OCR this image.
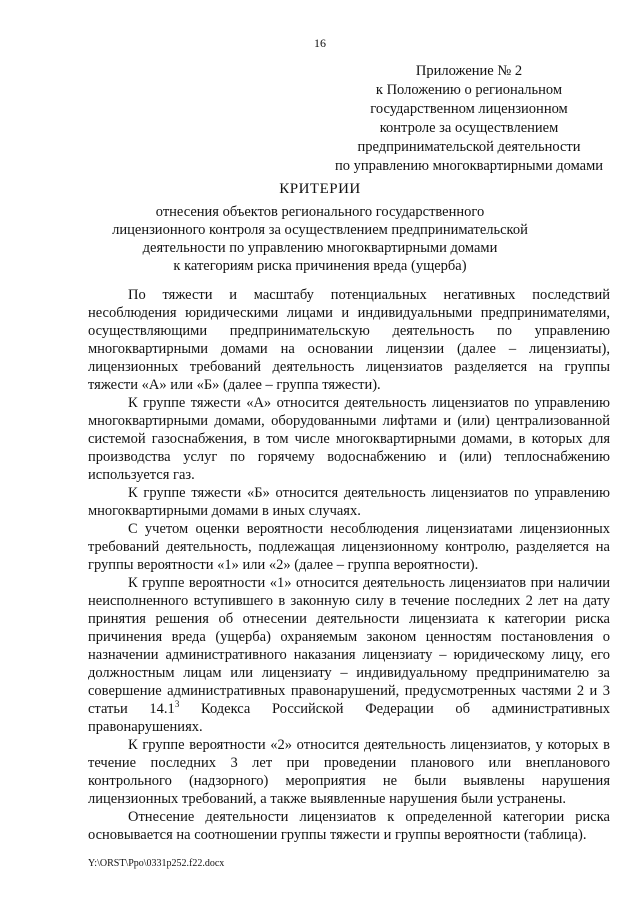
16
Приложение № 2
к Положению о региональном
государственном лицензионном
контроле за осуществлением
предпринимательской деятельности
по управлению многоквартирными домами
КРИТЕРИИ
отнесения объектов регионального государственного
лицензионного контроля за осуществлением предпринимательской
деятельности по управлению многоквартирными домами
к категориям риска причинения вреда (ущерба)

По тяжести и масштабу потенциальных негативных последствий несоблюдения юридическими лицами и индивидуальными предпринимателями, осуществляющими предпринимательскую деятельность по управлению многоквартирными домами на основании лицензии (далее – лицензиаты), лицензионных требований деятельность лицензиатов разделяется на группы тяжести «А» или «Б» (далее – группа тяжести).

К группе тяжести «А» относится деятельность лицензиатов по управлению многоквартирными домами, оборудованными лифтами и (или) централизованной системой газоснабжения, в том числе многоквартирными домами, в которых для производства услуг по горячему водоснабжению и (или) теплоснабжению используется газ.

К группе тяжести «Б» относится деятельность лицензиатов по управлению многоквартирными домами в иных случаях.

С учетом оценки вероятности несоблюдения лицензиатами лицензионных требований деятельность, подлежащая лицензионному контролю, разделяется на группы вероятности «1» или «2» (далее – группа вероятности).

К группе вероятности «1» относится деятельность лицензиатов при наличии неисполненного вступившего в законную силу в течение последних 2 лет на дату принятия решения об отнесении деятельности лицензиата к категории риска причинения вреда (ущерба) охраняемым законом ценностям постановления о назначении административного наказания лицензиату – юридическому лицу, его должностным лицам или лицензиату – индивидуальному предпринимателю за совершение административных правонарушений, предусмотренных частями 2 и 3 статьи 14.1$^3$ Кодекса Российской Федерации об административных правонарушениях.

К группе вероятности «2» относится деятельность лицензиатов, у которых в течение последних 3 лет при проведении планового или внепланового контрольного (надзорного) мероприятия не были выявлены нарушения лицензионных требований, а также выявленные нарушения были устранены.

Отнесение деятельности лицензиатов к определенной категории риска основывается на соотношении группы тяжести и группы вероятности (таблица).

Y:\ORST\Ppo\0331p252.f22.docx
